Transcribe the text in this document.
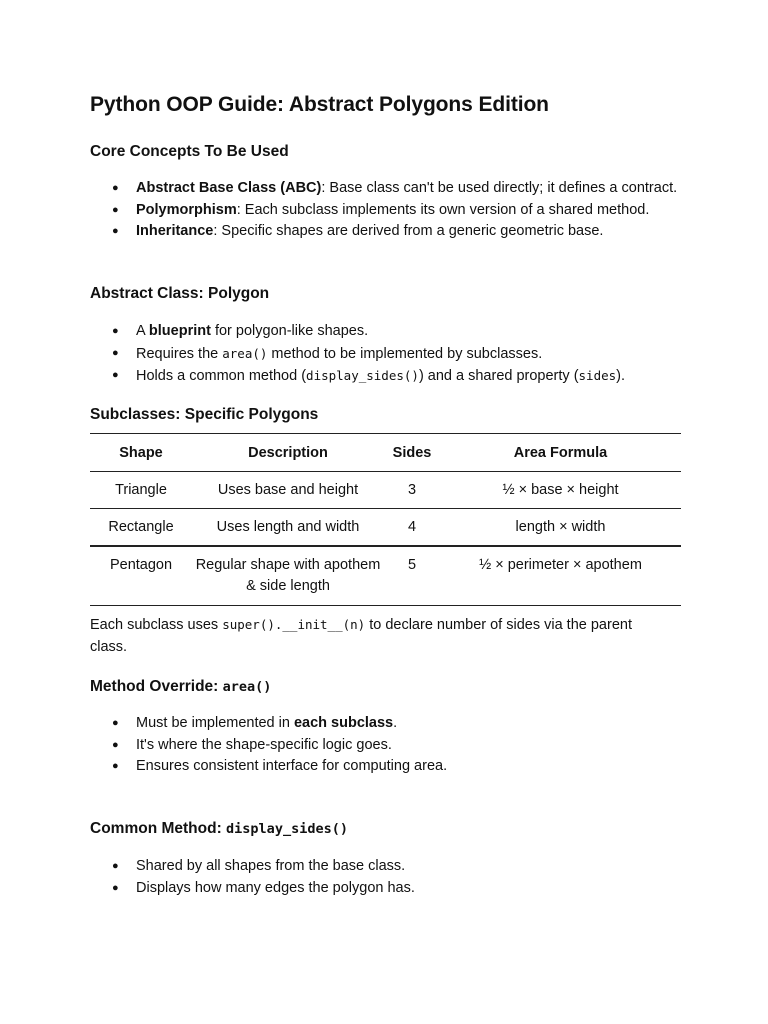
Python OOP Guide: Abstract Polygons Edition
Core Concepts To Be Used
● Abstract Base Class (ABC): Base class can't be used directly; it defines a contract.
● Polymorphism: Each subclass implements its own version of a shared method.
● Inheritance: Specific shapes are derived from a generic geometric base.
Abstract Class: Polygon
● A blueprint for polygon-like shapes.
● Requires the area() method to be implemented by subclasses.
● Holds a common method (display_sides()) and a shared property (sides).
Subclasses: Specific Polygons
Shape	Description	Sides	Area Formula
Triangle	Uses base and height	3	½ × base × height
Rectangle	Uses length and width	4	length × width
Pentagon	Regular shape with apothem & side length	5	½ × perimeter × apothem

Each subclass uses super().__init__(n) to declare number of sides via the parent class.

Method Override: area()
● Must be implemented in each subclass.
● It's where the shape-specific logic goes.
● Ensures consistent interface for computing area.
Common Method: display_sides()
● Shared by all shapes from the base class.
● Displays how many edges the polygon has.
